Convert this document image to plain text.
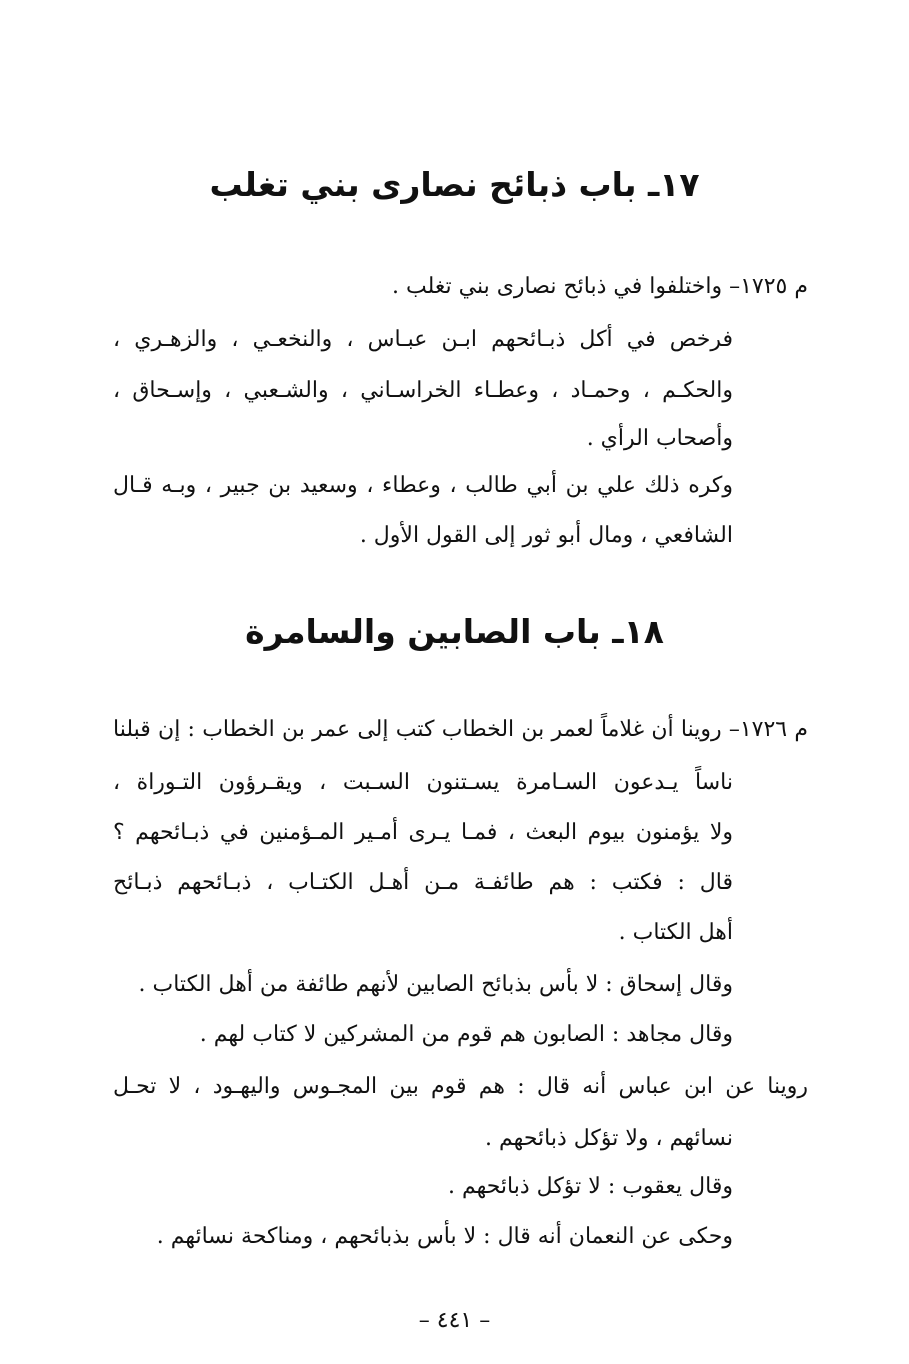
١٧ـ باب ذبائح نصارى بني تغلب

م ١٧٢٥– واختلفوا في ذبائح نصارى بني تغلب .

فرخص في أكل ذبـائحهم ابـن عبـاس ، والنخعـي ، والزهـري ،

والحكـم ، وحمـاد ، وعطـاء الخراسـاني ، والشـعبي ، وإسـحاق ،

وأصحاب الرأي .

وكره ذلك علي بن أبي طالب ، وعطاء ، وسعيد بن جبير ، وبـه قـال

الشافعي ، ومال أبو ثور إلى القول الأول .

١٨ـ باب الصابين والسامرة

م ١٧٢٦– روينا أن غلاماً لعمر بن الخطاب كتب إلى عمر بن الخطاب : إن قبلنا

ناساً يـدعون السـامرة يسـتنون السـبت ، ويقـرؤون التـوراة ،

ولا يؤمنون بيوم البعث ، فمـا يـرى أمـير المـؤمنين في ذبـائحهم ؟

قال : فكتب : هم طائفـة مـن أهـل الكتـاب ، ذبـائحهم ذبـائح

أهل الكتاب .

وقال إسحاق : لا بأس بذبائح الصابين لأنهم طائفة من أهل الكتاب .

وقال مجاهد : الصابون هم قوم من المشركين لا كتاب لهم .

روينا عن ابن عباس أنه قال : هم قوم بين المجـوس واليهـود ، لا تحـل

نسائهم ، ولا تؤكل ذبائحهم .

وقال يعقوب : لا تؤكل ذبائحهم .

وحكى عن النعمان أنه قال : لا بأس بذبائحهم ، ومناكحة نسائهم .

– ٤٤١ –
